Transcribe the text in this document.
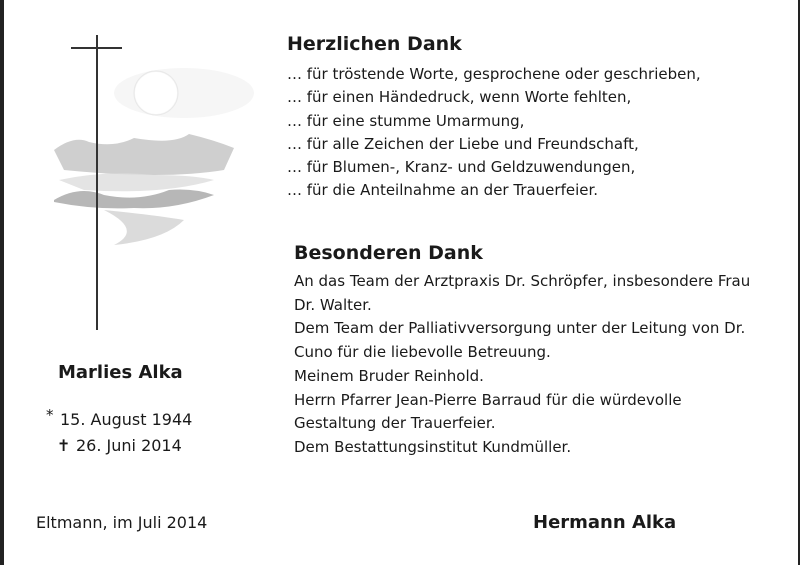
Herzlichen Dank
… für tröstende Worte, gesprochene oder geschrieben,
… für einen Händedruck, wenn Worte fehlten,
… für eine stumme Umarmung,
… für alle Zeichen der Liebe und Freundschaft,
… für Blumen-, Kranz- und Geldzuwendungen,
… für die Anteilnahme an der Trauerfeier.
Besonderen Dank
An das Team der Arztpraxis Dr. Schröpfer, insbesondere Frau
Dr. Walter.
Dem Team der Palliativversorgung unter der Leitung von Dr.
Cuno für die liebevolle Betreuung.
Meinem Bruder Reinhold.
Herrn Pfarrer Jean-Pierre Barraud für die würdevolle
Gestaltung der Trauerfeier.
Dem Bestattungsinstitut Kundmüller.
Marlies Alka
* 15. August 1944
✝ 26. Juni 2014
Eltmann, im Juli 2014	Hermann Alka
